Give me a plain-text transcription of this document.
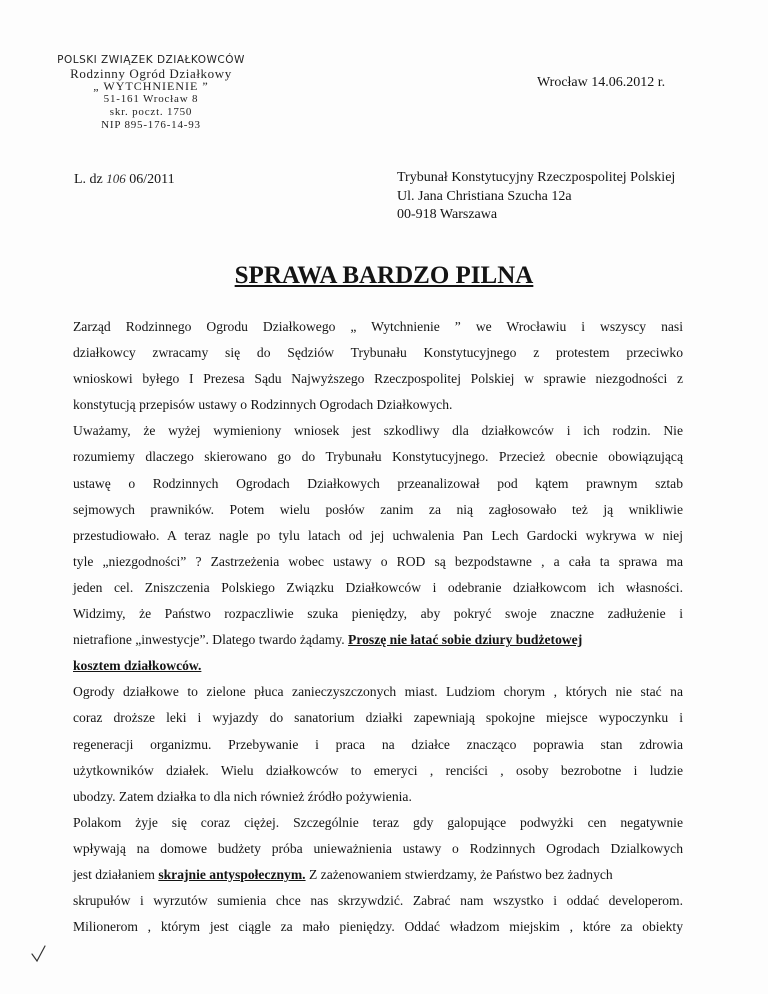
POLSKI ZWIĄZEK DZIAŁKOWCÓW
Rodzinny Ogród Działkowy
„ WYTCHNIENIE ”
51-161 Wrocław 8
skr. poczt. 1750
NIP 895-176-14-93
Wrocław 14.06.2012 r.
L. dz 106 06/2011	Trybunał Konstytucyjny Rzeczpospolitej Polskiej
Ul. Jana Christiana Szucha 12a
00-918 Warszawa
SPRAWA BARDZO PILNA
Zarząd Rodzinnego Ogrodu Działkowego „ Wytchnienie ” we Wrocławiu i wszyscy nasi
działkowcy zwracamy się do Sędziów Trybunału Konstytucyjnego z protestem przeciwko
wnioskowi byłego I Prezesa Sądu Najwyższego Rzeczpospolitej Polskiej w sprawie niezgodności z
konstytucją przepisów ustawy o Rodzinnych Ogrodach Działkowych.
Uważamy, że wyżej wymieniony wniosek jest szkodliwy dla działkowców i ich rodzin. Nie
rozumiemy dlaczego skierowano go do Trybunału Konstytucyjnego. Przecież obecnie obowiązującą
ustawę o Rodzinnych Ogrodach Działkowych przeanalizował pod kątem prawnym sztab
sejmowych prawników. Potem wielu posłów zanim za nią zagłosowało też ją wnikliwie
przestudiowało. A teraz nagle po tylu latach od jej uchwalenia Pan Lech Gardocki wykrywa w niej
tyle „niezgodności” ? Zastrzeżenia wobec ustawy o ROD są bezpodstawne , a cała ta sprawa ma
jeden cel. Zniszczenia Polskiego Związku Działkowców i odebranie działkowcom ich własności.
Widzimy, że Państwo rozpaczliwie szuka pieniędzy, aby pokryć swoje znaczne zadłużenie i
nietrafione „inwestycje”. Dlatego twardo żądamy. Proszę nie łatać sobie dziury budżetowej
kosztem działkowców.
Ogrody działkowe to zielone płuca zanieczyszczonych miast. Ludziom chorym , których nie stać na
coraz droższe leki i wyjazdy do sanatorium działki zapewniają spokojne miejsce wypoczynku i
regeneracji organizmu. Przebywanie i praca na działce znacząco poprawia stan zdrowia
użytkowników działek. Wielu działkowców to emeryci , renciści , osoby bezrobotne i ludzie
ubodzy. Zatem działka to dla nich również źródło pożywienia.
Polakom żyje się coraz ciężej. Szczególnie teraz gdy galopujące podwyżki cen negatywnie
wpływają na domowe budżety próba unieważnienia ustawy o Rodzinnych Ogrodach Dzialkowych
jest działaniem skrajnie antyspołecznym. Z zażenowaniem stwierdzamy, że Państwo bez żadnych
skrupułów i wyrzutów sumienia chce nas skrzywdzić. Zabrać nam wszystko i oddać developerom.
Milionerom , którym jest ciągle za mało pieniędzy. Oddać władzom miejskim , które za obiekty
